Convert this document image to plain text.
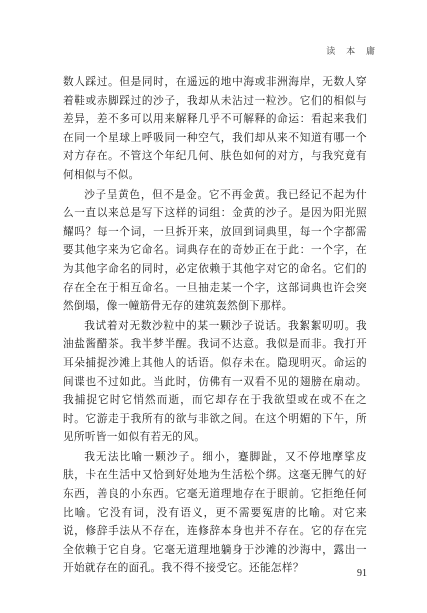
读 本 庸

数人踩过。但是同时，在遥远的地中海或非洲海岸，无数人穿着鞋或赤脚踩过的沙子，我却从未沾过一粒沙。它们的相似与差异，差不多可以用来解释几乎不可解释的命运：看起来我们在同一个星球上呼吸同一种空气，我们却从来不知道有哪一个对方存在。不管这个年纪几何、肤色如何的对方，与我究竟有何相似与不似。

沙子呈黄色，但不是金。它不再金黄。我已经记不起为什么一直以来总是写下这样的词组：金黄的沙子。是因为阳光照耀吗？每一个词，一旦拆开来，放回到词典里，每一个字都需要其他字来为它命名。词典存在的奇妙正在于此：一个字，在为其他字命名的同时，必定依赖于其他字对它的命名。它们的存在全在于相互命名。一旦抽走某一个字，这部词典也许会突然倒塌，像一幢筋骨无存的建筑轰然倒下那样。

我试着对无数沙粒中的某一颗沙子说话。我絮絮叨叨。我油盐酱醋茶。我半梦半醒。我词不达意。我似是而非。我打开耳朵捕捉沙滩上其他人的话语。似存未在。隐现明灭。命运的间谍也不过如此。当此时，仿佛有一双看不见的翅膀在扇动。我捕捉它时它悄然而逝，而它却存在于我欲望或在或不在之时。它游走于我所有的欲与非欲之间。在这个明媚的下午，所见所听皆一如似有若无的风。

我无法比喻一颗沙子。细小，蹇脚趾，又不停地摩挲皮肤，卡在生活中又恰到好处地为生活松个绑。这毫无脾气的好东西，善良的小东西。它毫无道理地存在于眼前。它拒绝任何比喻。它没有词，没有语义，更不需要冤唐的比喻。对它来说，修辞手法从不存在，连修辞本身也并不存在。它的存在完全依赖于它自身。它毫无道理地躺身于沙滩的沙海中，露出一开始就存在的面孔。我不得不接受它。还能怎样？	91
